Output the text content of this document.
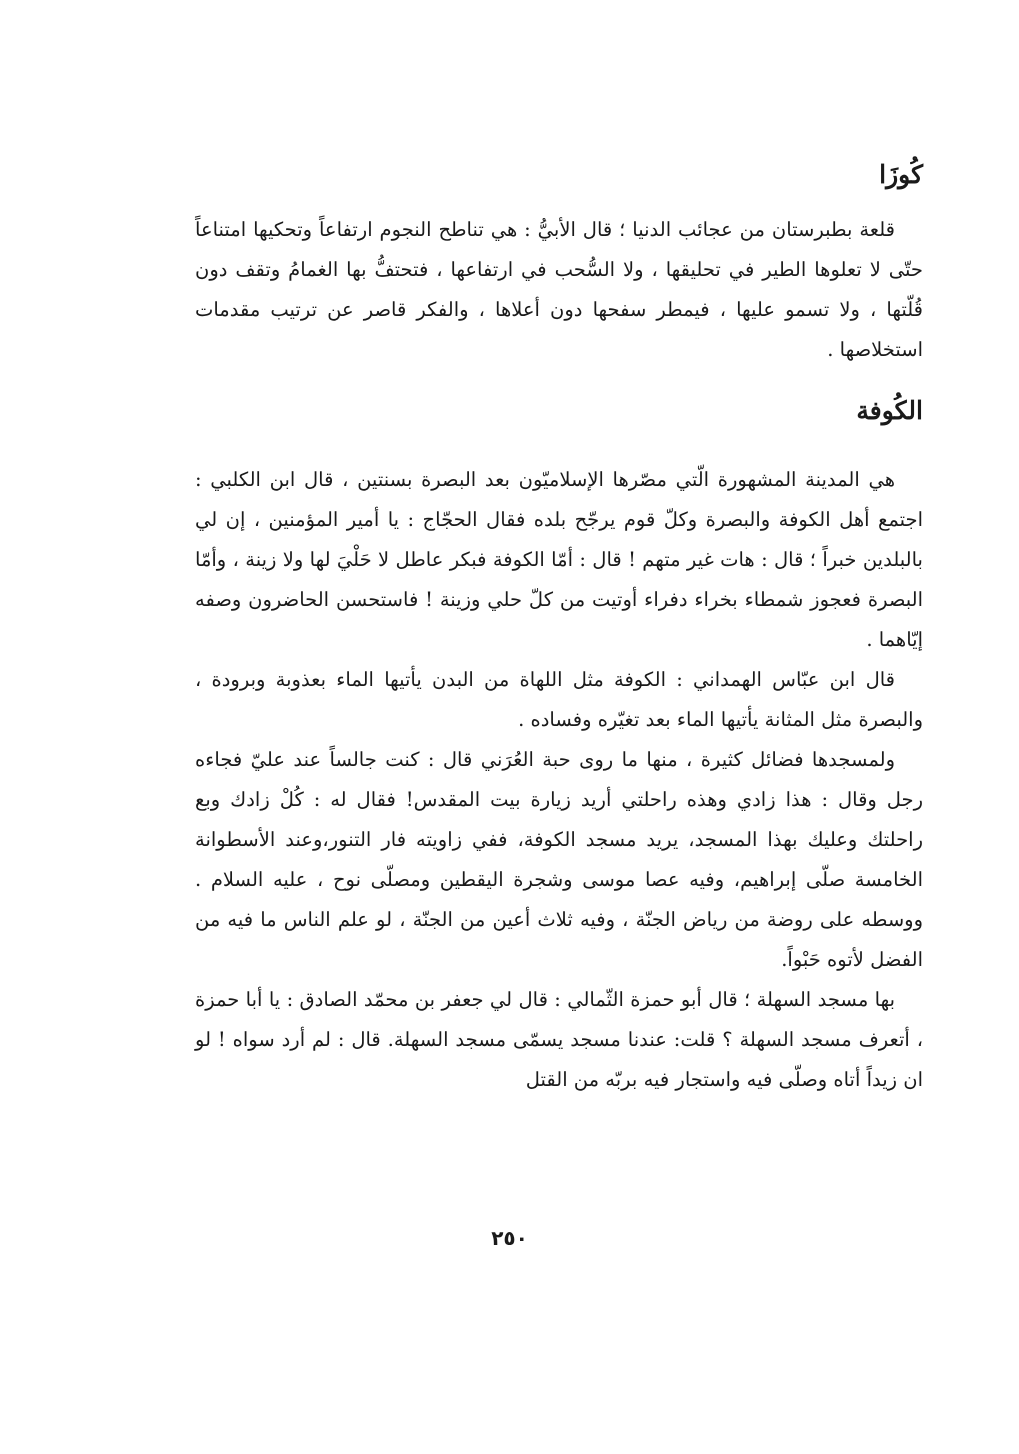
كُوزَا

قلعة بطبرستان من عجائب الدنيا ؛ قال الأبيُّ : هي تناطح النجوم ارتفاعاً وتحكيها امتناعاً حتّى لا تعلوها الطير في تحليقها ، ولا السُّحب في ارتفاعها ، فتحتفُّ بها الغمامُ وتقف دون قُلّتها ، ولا تسمو عليها ، فيمطر سفحها دون أعلاها ، والفكر قاصر عن ترتيب مقدمات استخلاصها .

الكُوفة

هي المدينة المشهورة الّتي مصّرها الإسلاميّون بعد البصرة بسنتين ، قال ابن الكلبي : اجتمع أهل الكوفة والبصرة وكلّ قوم يرجّح بلده فقال الحجّاج : يا أمير المؤمنين ، إن لي بالبلدين خبراً ؛ قال : هات غير متهم ! قال : أمّا الكوفة فبكر عاطل لا حَلْيَ لها ولا زينة ، وأمّا البصرة فعجوز شمطاء بخراء دفراء أوتيت من كلّ حلي وزينة ! فاستحسن الحاضرون وصفه إيّاهما .

قال ابن عبّاس الهمداني : الكوفة مثل اللهاة من البدن يأتيها الماء بعذوبة وبرودة ، والبصرة مثل المثانة يأتيها الماء بعد تغيّره وفساده .

ولمسجدها فضائل كثيرة ، منها ما روى حبة العُرَني قال : كنت جالساً عند عليّ فجاءه رجل وقال : هذا زادي وهذه راحلتي أريد زيارة بيت المقدس! فقال له : كُلْ زادك وبع راحلتك وعليك بهذا المسجد، يريد مسجد الكوفة، ففي زاويته فار التنور،وعند الأسطوانة الخامسة صلّى إبراهيم، وفيه عصا موسى وشجرة اليقطين ومصلّى نوح ، عليه السلام . ووسطه على روضة من رياض الجنّة ، وفيه ثلاث أعين من الجنّة ، لو علم الناس ما فيه من الفضل لأتوه حَبْواً.

بها مسجد السهلة ؛ قال أبو حمزة الثّمالي : قال لي جعفر بن محمّد الصادق : يا أبا حمزة ، أتعرف مسجد السهلة ؟ قلت: عندنا مسجد يسمّى مسجد السهلة. قال : لم أرد سواه ! لو ان زيداً أتاه وصلّى فيه واستجار فيه بربّه من القتل

٢٥٠
